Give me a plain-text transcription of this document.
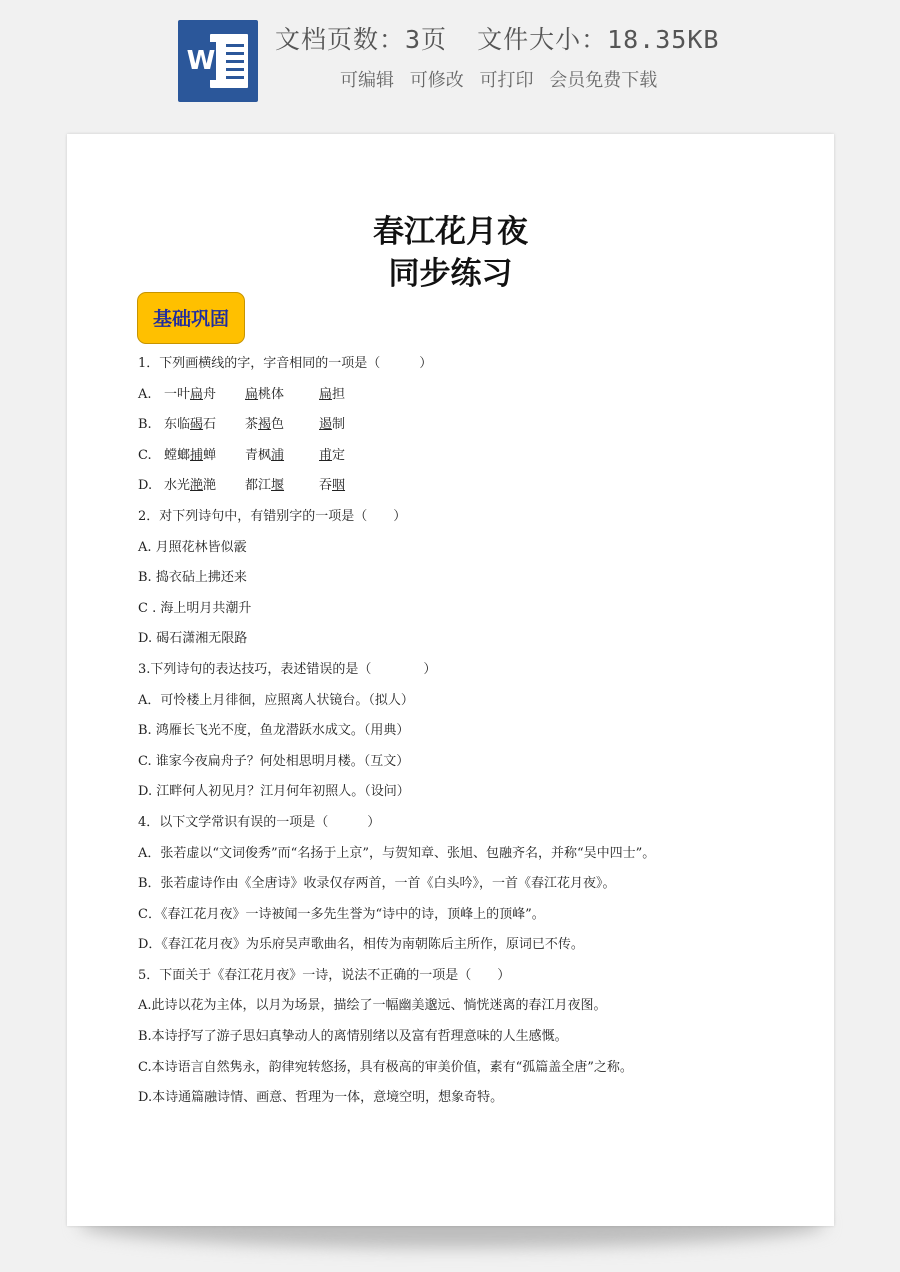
W
文档页数：3页 文件大小：18.35KB
可编辑 可修改 可打印 会员免费下载
春江花月夜
同步练习
基础巩固
1．下列画横线的字，字音相同的一项是（　　　）
A. 一叶扁舟 扁桃体	扁担
B. 东临碣石 茶褐色	遏制
C. 螳螂捕蝉 青枫浦	甫定
D. 水光滟滟 都江堰	吞咽
2．对下列诗句中，有错别字的一项是（　　）
A. 月照花林皆似霰
B. 捣衣砧上拂还来
C . 海上明月共潮升
D. 碣石潇湘无限路
3.下列诗句的表达技巧，表述错误的是（　　　　）
A．可怜楼上月徘徊，应照离人状镜台。（拟人）
B. 鸿雁长飞光不度，鱼龙潜跃水成文。（用典）
C. 谁家今夜扁舟子？何处相思明月楼。（互文）
D. 江畔何人初见月？江月何年初照人。（设问）
4．以下文学常识有误的一项是（　　　）
A．张若虚以“文词俊秀”而“名扬于上京”，与贺知章、张旭、包融齐名，并称“吴中四士”。
B．张若虚诗作由《全唐诗》收录仅存两首，一首《白头吟》，一首《春江花月夜》。
C．《春江花月夜》一诗被闻一多先生誉为“诗中的诗，顶峰上的顶峰”。
D．《春江花月夜》为乐府吴声歌曲名，相传为南朝陈后主所作，原词已不传。
5．下面关于《春江花月夜》一诗，说法不正确的一项是（　　）
A.此诗以花为主体，以月为场景，描绘了一幅幽美邈远、惝恍迷离的春江月夜图。
B.本诗抒写了游子思妇真挚动人的离情别绪以及富有哲理意味的人生感慨。
C.本诗语言自然隽永，韵律宛转悠扬，具有极高的审美价值，素有“孤篇盖全唐”之称。
D.本诗通篇融诗情、画意、哲理为一体，意境空明，想象奇特。
